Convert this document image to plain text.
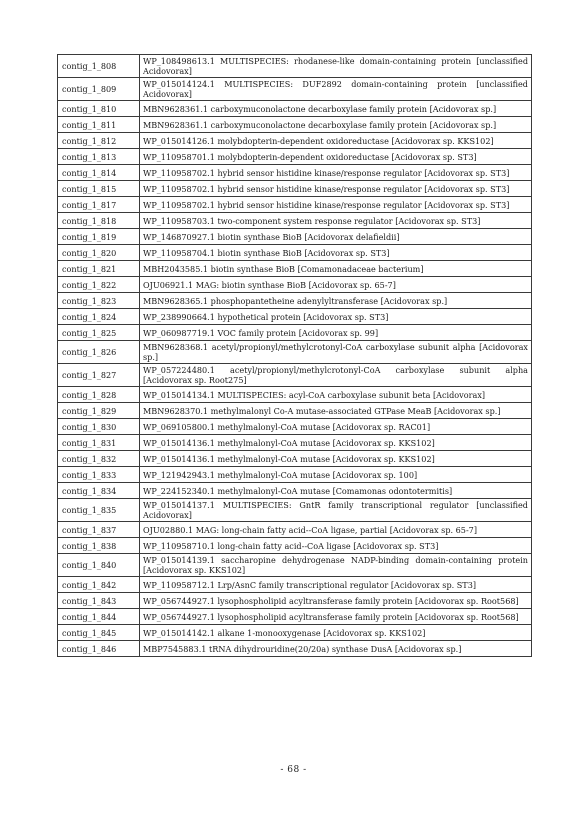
contig_1_808	WP_108498613.1 MULTISPECIES: rhodanese-like domain-containing protein [unclassified Acidovorax]
contig_1_809	WP_015014124.1 MULTISPECIES: DUF2892 domain-containing protein [unclassified Acidovorax]
contig_1_810	MBN9628361.1 carboxymuconolactone decarboxylase family protein [Acidovorax sp.]
contig_1_811	MBN9628361.1 carboxymuconolactone decarboxylase family protein [Acidovorax sp.]
contig_1_812	WP_015014126.1 molybdopterin-dependent oxidoreductase [Acidovorax sp. KKS102]
contig_1_813	WP_110958701.1 molybdopterin-dependent oxidoreductase [Acidovorax sp. ST3]
contig_1_814	WP_110958702.1 hybrid sensor histidine kinase/response regulator [Acidovorax sp. ST3]
contig_1_815	WP_110958702.1 hybrid sensor histidine kinase/response regulator [Acidovorax sp. ST3]
contig_1_817	WP_110958702.1 hybrid sensor histidine kinase/response regulator [Acidovorax sp. ST3]
contig_1_818	WP_110958703.1 two-component system response regulator [Acidovorax sp. ST3]
contig_1_819	WP_146870927.1 biotin synthase BioB [Acidovorax delafieldii]
contig_1_820	WP_110958704.1 biotin synthase BioB [Acidovorax sp. ST3]
contig_1_821	MBH2043585.1 biotin synthase BioB [Comamonadaceae bacterium]
contig_1_822	OJU06921.1 MAG: biotin synthase BioB [Acidovorax sp. 65-7]
contig_1_823	MBN9628365.1 phosphopantetheine adenylyltransferase [Acidovorax sp.]
contig_1_824	WP_238990664.1 hypothetical protein [Acidovorax sp. ST3]
contig_1_825	WP_060987719.1 VOC family protein [Acidovorax sp. 99]
contig_1_826	MBN9628368.1 acetyl/propionyl/methylcrotonyl-CoA carboxylase subunit alpha [Acidovorax sp.]
contig_1_827	WP_057224480.1 acetyl/propionyl/methylcrotonyl-CoA carboxylase subunit alpha [Acidovorax sp. Root275]
contig_1_828	WP_015014134.1 MULTISPECIES: acyl-CoA carboxylase subunit beta [Acidovorax]
contig_1_829	MBN9628370.1 methylmalonyl Co-A mutase-associated GTPase MeaB [Acidovorax sp.]
contig_1_830	WP_069105800.1 methylmalonyl-CoA mutase [Acidovorax sp. RAC01]
contig_1_831	WP_015014136.1 methylmalonyl-CoA mutase [Acidovorax sp. KKS102]
contig_1_832	WP_015014136.1 methylmalonyl-CoA mutase [Acidovorax sp. KKS102]
contig_1_833	WP_121942943.1 methylmalonyl-CoA mutase [Acidovorax sp. 100]
contig_1_834	WP_224152340.1 methylmalonyl-CoA mutase [Comamonas odontotermitis]
contig_1_835	WP_015014137.1 MULTISPECIES: GntR family transcriptional regulator [unclassified Acidovorax]
contig_1_837	OJU02880.1 MAG: long-chain fatty acid--CoA ligase, partial [Acidovorax sp. 65-7]
contig_1_838	WP_110958710.1 long-chain fatty acid--CoA ligase [Acidovorax sp. ST3]
contig_1_840	WP_015014139.1 saccharopine dehydrogenase NADP-binding domain-containing protein [Acidovorax sp. KKS102]
contig_1_842	WP_110958712.1 Lrp/AsnC family transcriptional regulator [Acidovorax sp. ST3]
contig_1_843	WP_056744927.1 lysophospholipid acyltransferase family protein [Acidovorax sp. Root568]
contig_1_844	WP_056744927.1 lysophospholipid acyltransferase family protein [Acidovorax sp. Root568]
contig_1_845	WP_015014142.1 alkane 1-monooxygenase [Acidovorax sp. KKS102]
contig_1_846	MBP7545883.1 tRNA dihydrouridine(20/20a) synthase DusA [Acidovorax sp.]
- 68 -
